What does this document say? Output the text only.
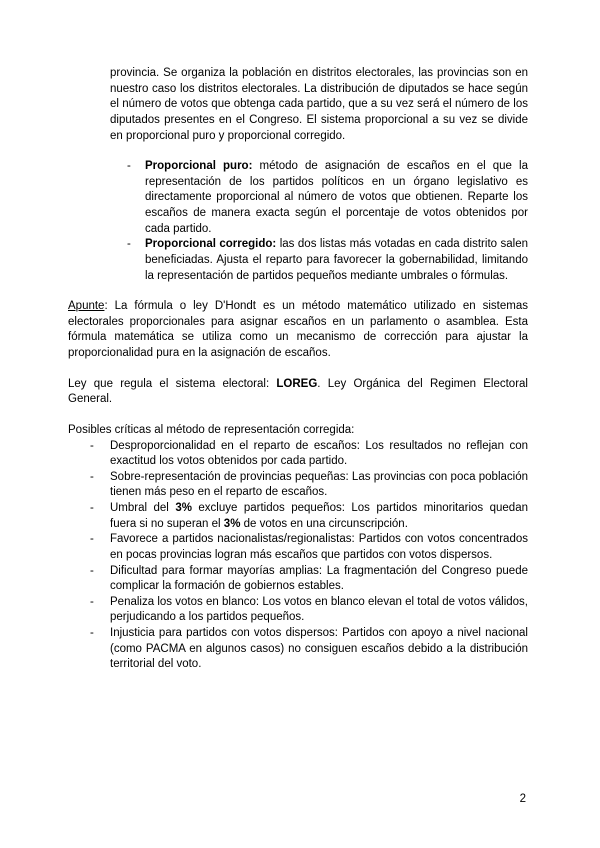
provincia. Se organiza la población en distritos electorales, las provincias son en nuestro caso los distritos electorales. La distribución de diputados se hace según el número de votos que obtenga cada partido, que a su vez será el número de los diputados presentes en el Congreso. El sistema proporcional a su vez se divide en proporcional puro y proporcional corregido.

-	Proporcional puro: método de asignación de escaños en el que la representación de los partidos políticos en un órgano legislativo es directamente proporcional al número de votos que obtienen. Reparte los escaños de manera exacta según el porcentaje de votos obtenidos por cada partido.
-	Proporcional corregido: las dos listas más votadas en cada distrito salen beneficiadas. Ajusta el reparto para favorecer la gobernabilidad, limitando la representación de partidos pequeños mediante umbrales o fórmulas.

Apunte: La fórmula o ley D'Hondt es un método matemático utilizado en sistemas electorales proporcionales para asignar escaños en un parlamento o asamblea. Esta fórmula matemática se utiliza como un mecanismo de corrección para ajustar la proporcionalidad pura en la asignación de escaños.

Ley que regula el sistema electoral: LOREG. Ley Orgánica del Regimen Electoral General.

Posibles críticas al método de representación corregida:

-	Desproporcionalidad en el reparto de escaños: Los resultados no reflejan con exactitud los votos obtenidos por cada partido.
-	Sobre-representación de provincias pequeñas: Las provincias con poca población tienen más peso en el reparto de escaños.
-	Umbral del 3% excluye partidos pequeños: Los partidos minoritarios quedan fuera si no superan el 3% de votos en una circunscripción.
-	Favorece a partidos nacionalistas/regionalistas: Partidos con votos concentrados en pocas provincias logran más escaños que partidos con votos dispersos.
-	Dificultad para formar mayorías amplias: La fragmentación del Congreso puede complicar la formación de gobiernos estables.
-	Penaliza los votos en blanco: Los votos en blanco elevan el total de votos válidos, perjudicando a los partidos pequeños.
-	Injusticia para partidos con votos dispersos: Partidos con apoyo a nivel nacional (como PACMA en algunos casos) no consiguen escaños debido a la distribución territorial del voto.
2
